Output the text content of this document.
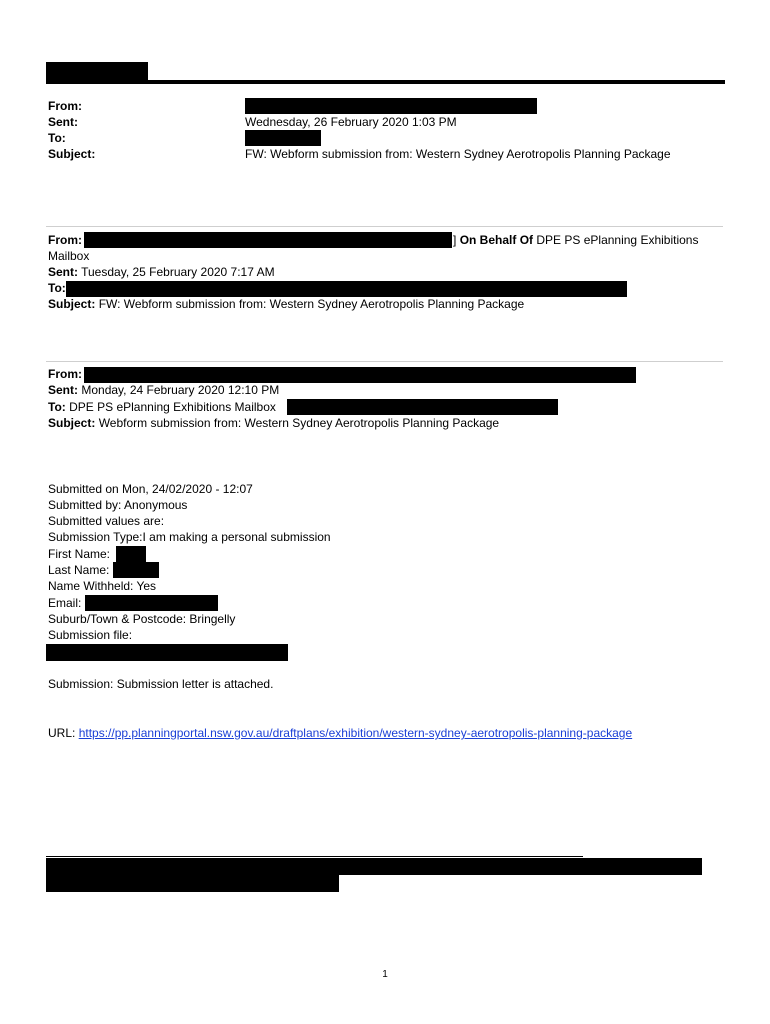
From:
Sent:	Wednesday, 26 February 2020 1:03 PM
To:
Subject:	FW: Webform submission from: Western Sydney Aerotropolis Planning Package
From:	] On Behalf Of DPE PS ePlanning Exhibitions
Mailbox
Sent: Tuesday, 25 February 2020 7:17 AM
To:
Subject: FW: Webform submission from: Western Sydney Aerotropolis Planning Package
From:
Sent: Monday, 24 February 2020 12:10 PM
To: DPE PS ePlanning Exhibitions Mailbox
Subject: Webform submission from: Western Sydney Aerotropolis Planning Package
Submitted on Mon, 24/02/2020 - 12:07
Submitted by: Anonymous
Submitted values are:
Submission Type:I am making a personal submission
First Name:
Last Name:
Name Withheld: Yes
Email:
Suburb/Town & Postcode: Bringelly
Submission file:
Submission: Submission letter is attached.
URL: https://pp.planningportal.nsw.gov.au/draftplans/exhibition/western-sydney-aerotropolis-planning-package
1
